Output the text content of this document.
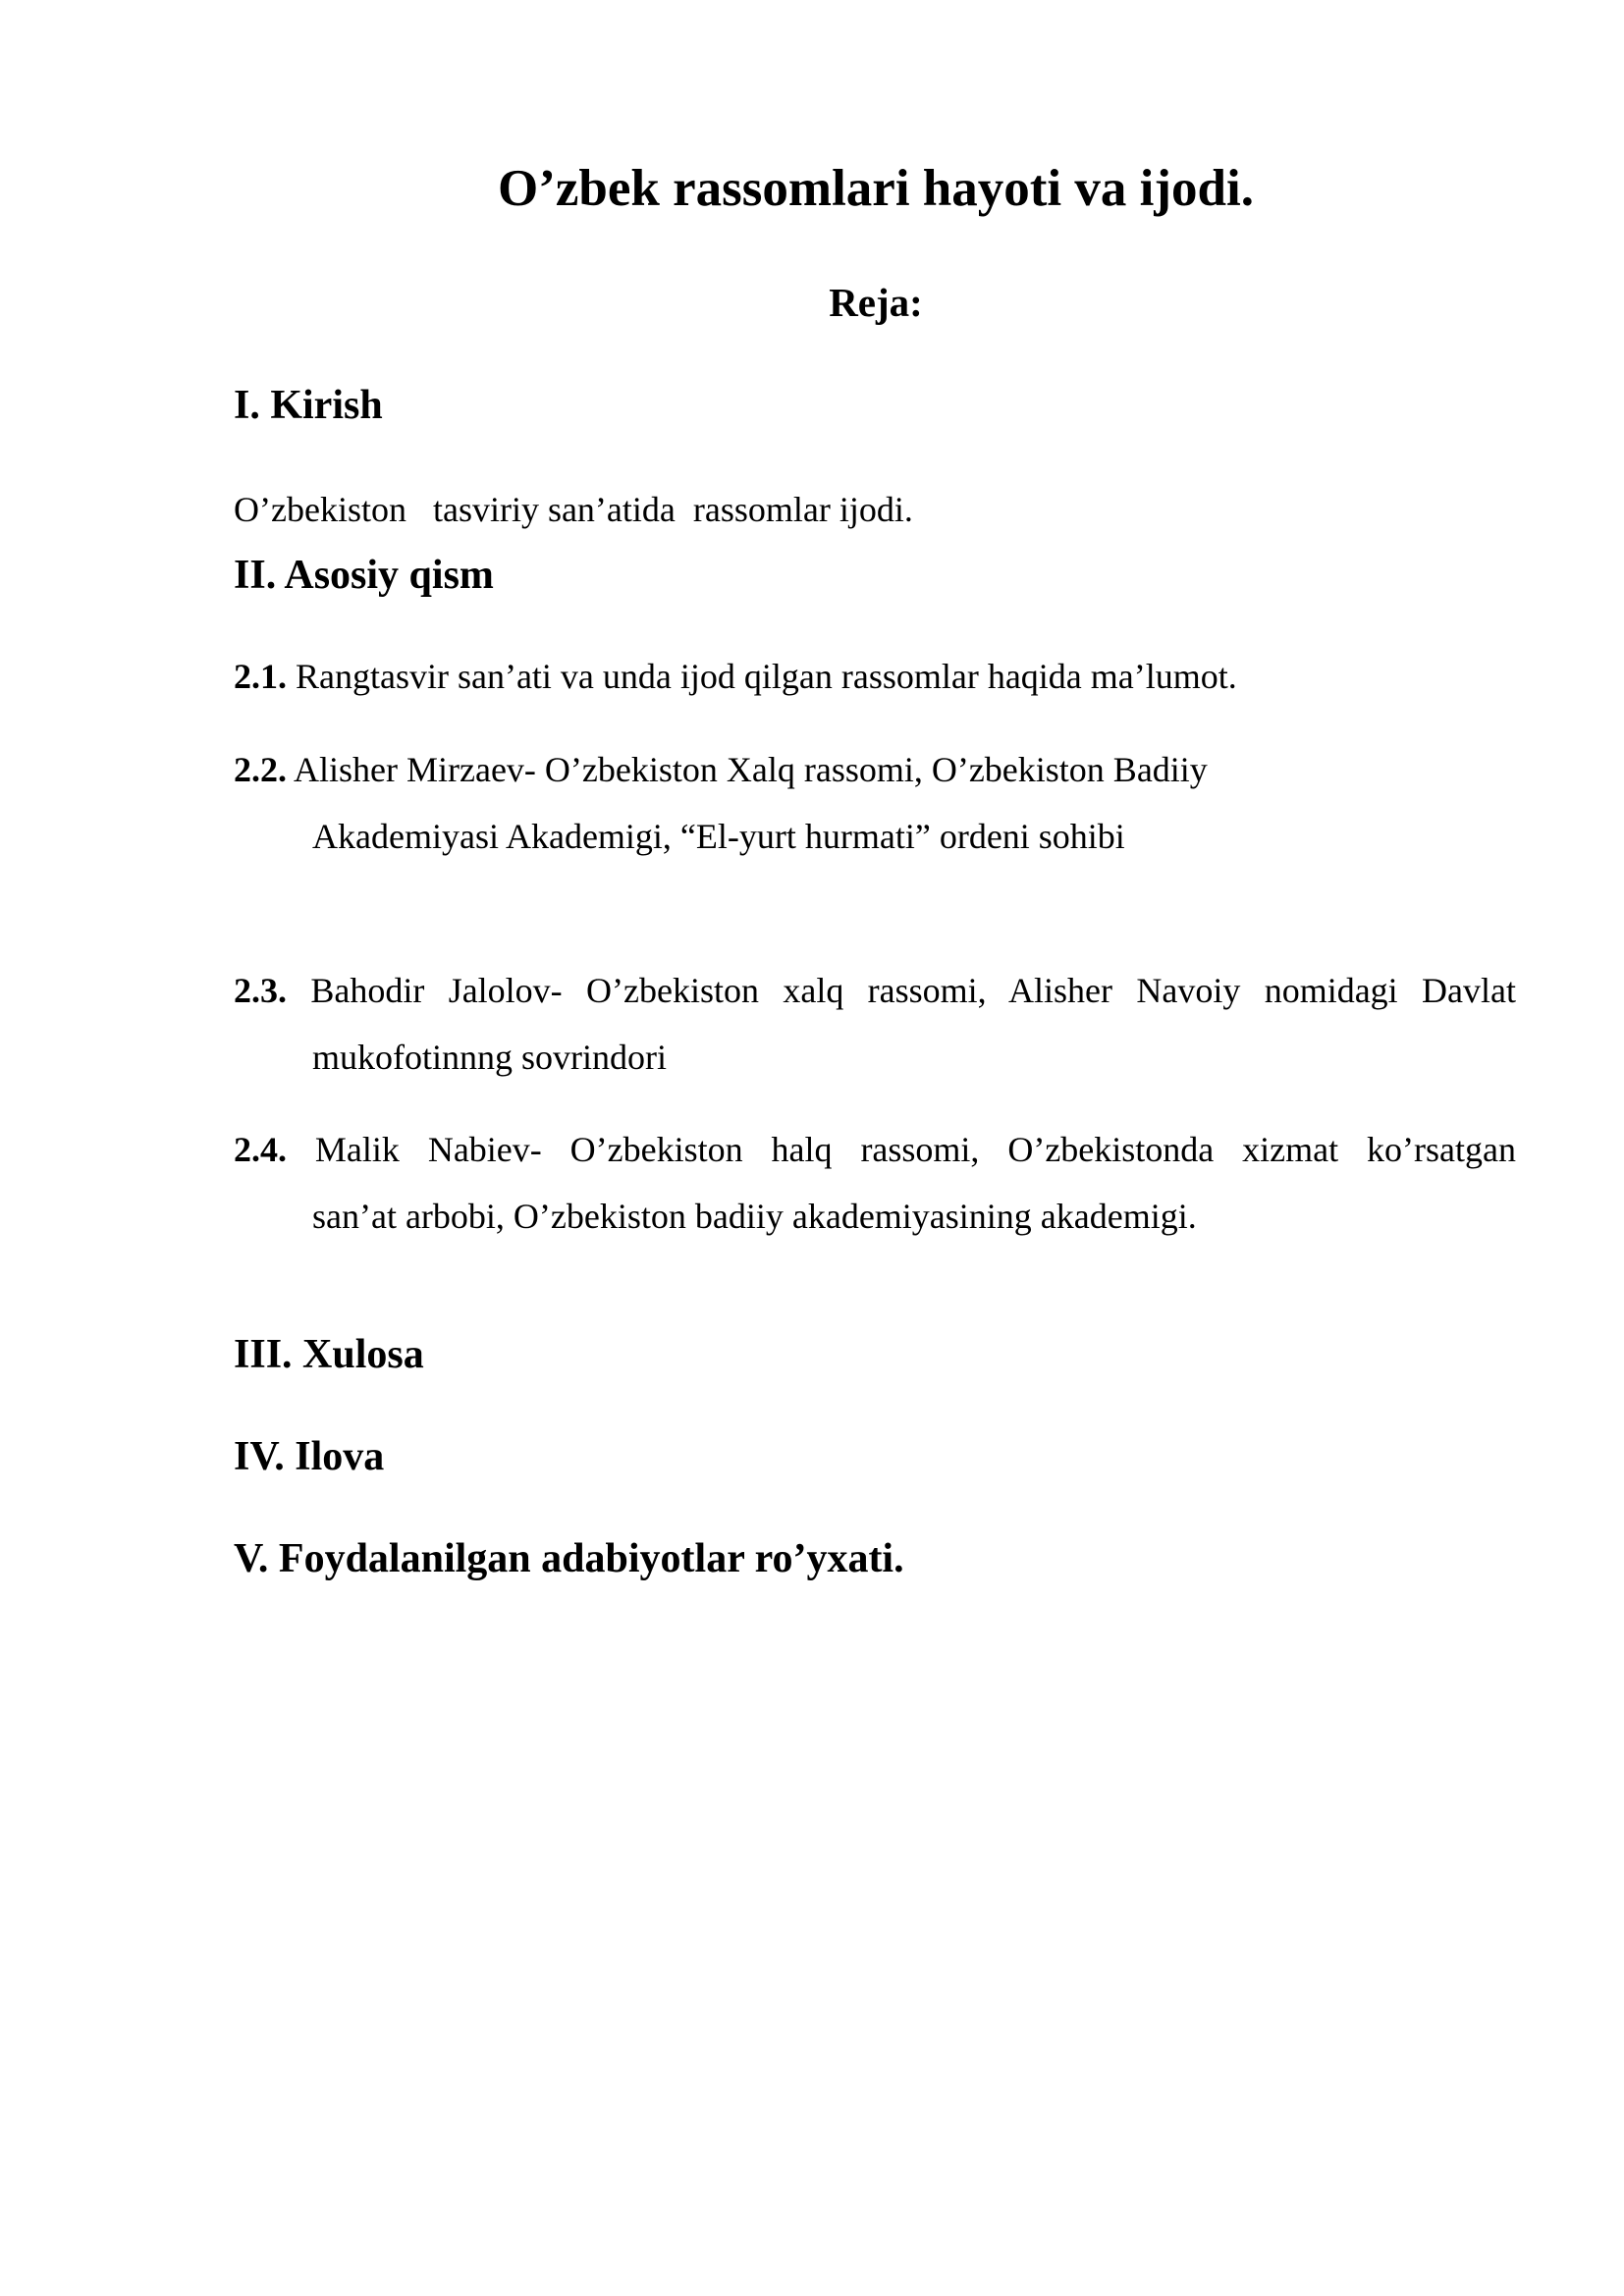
O’zbek rassomlari hayoti va ijodi.
Reja:
I. Kirish
O’zbekiston   tasviriy san’atida  rassomlar ijodi.
II. Asosiy qism
2.1. Rangtasvir san’ati va unda ijod qilgan rassomlar haqida ma’lumot.
2.2. Alisher Mirzaev- O’zbekiston Xalq rassomi, O’zbekiston Badiiy
Akademiyasi Akademigi, “El-yurt hurmati” ordeni sohibi
2.3. Bahodir Jalolov- O’zbekiston xalq rassomi, Alisher Navoiy nomidagi Davlat
mukofotinnng sovrindori
2.4. Malik Nabiev- O’zbekiston halq rassomi, O’zbekistonda xizmat ko’rsatgan
san’at arbobi, O’zbekiston badiiy akademiyasining akademigi.
III. Xulosa
IV. Ilova
V. Foydalanilgan adabiyotlar ro’yxati.
